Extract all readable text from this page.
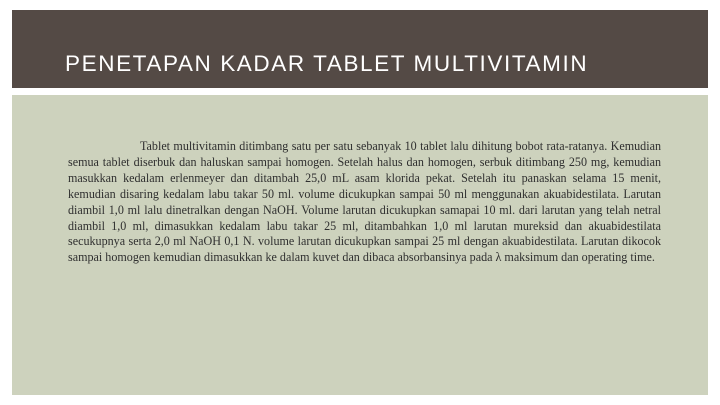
PENETAPAN KADAR TABLET MULTIVITAMIN

Tablet multivitamin ditimbang satu per satu sebanyak 10 tablet lalu dihitung bobot rata-ratanya. Kemudian semua tablet diserbuk dan haluskan sampai homogen. Setelah halus dan homogen, serbuk ditimbang 250 mg, kemudian masukkan kedalam erlenmeyer dan ditambah 25,0 mL asam klorida pekat. Setelah itu panaskan selama 15 menit, kemudian disaring kedalam labu takar 50 ml. volume dicukupkan sampai 50 ml menggunakan akuabidestilata. Larutan diambil 1,0 ml lalu dinetralkan dengan NaOH. Volume larutan dicukupkan samapai 10 ml. dari larutan yang telah netral diambil 1,0 ml, dimasukkan kedalam labu takar 25 ml, ditambahkan 1,0 ml larutan mureksid dan akuabidestilata secukupnya serta 2,0 ml NaOH 0,1 N. volume larutan dicukupkan sampai 25 ml dengan akuabidestilata. Larutan dikocok sampai homogen kemudian dimasukkan ke dalam kuvet dan dibaca absorbansinya pada λ maksimum dan operating time.
